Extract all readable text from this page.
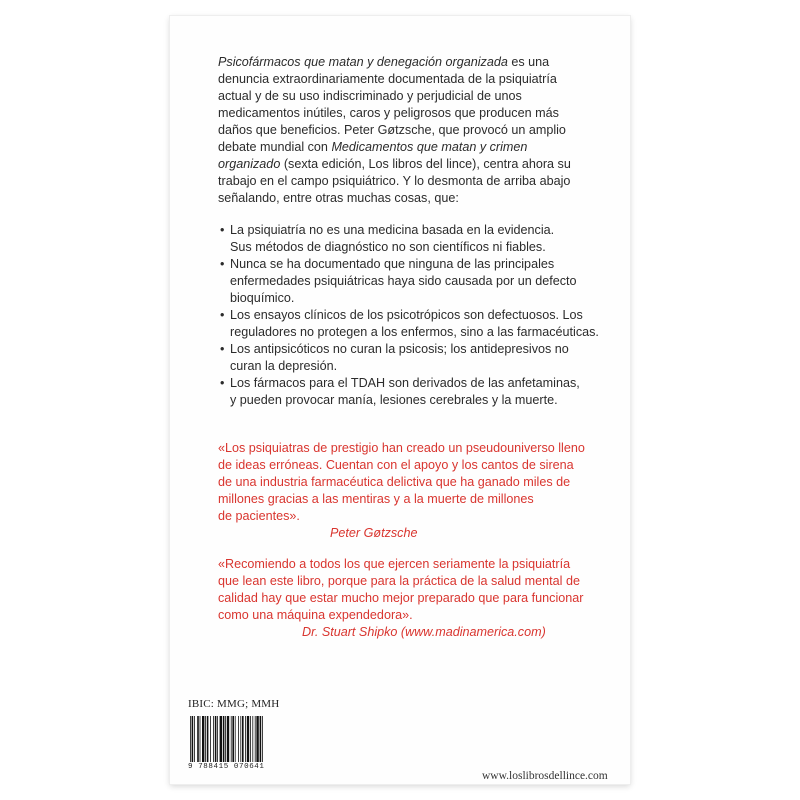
Psicofármacos que matan y denegación organizada es una
denuncia extraordinariamente documentada de la psiquiatría
actual y de su uso indiscriminado y perjudicial de unos
medicamentos inútiles, caros y peligrosos que producen más
daños que beneficios. Peter Gøtzsche, que provocó un amplio
debate mundial con Medicamentos que matan y crimen
organizado (sexta edición, Los libros del lince), centra ahora su
trabajo en el campo psiquiátrico. Y lo desmonta de arriba abajo
señalando, entre otras muchas cosas, que:

• La psiquiatría no es una medicina basada en la evidencia.
Sus métodos de diagnóstico no son científicos ni fiables.
• Nunca se ha documentado que ninguna de las principales
enfermedades psiquiátricas haya sido causada por un defecto
bioquímico.
• Los ensayos clínicos de los psicotrópicos son defectuosos. Los
reguladores no protegen a los enfermos, sino a las farmacéuticas.
• Los antipsicóticos no curan la psicosis; los antidepresivos no
curan la depresión.
• Los fármacos para el TDAH son derivados de las anfetaminas,
y pueden provocar manía, lesiones cerebrales y la muerte.

«Los psiquiatras de prestigio han creado un pseudouniverso lleno
de ideas erróneas. Cuentan con el apoyo y los cantos de sirena
de una industria farmacéutica delictiva que ha ganado miles de
millones gracias a las mentiras y a la muerte de millones
de pacientes».

Peter Gøtzsche

«Recomiendo a todos los que ejercen seriamente la psiquiatría
que lean este libro, porque para la práctica de la salud mental de
calidad hay que estar mucho mejor preparado que para funcionar
como una máquina expendedora».

Dr. Stuart Shipko (www.madinamerica.com)
IBIC: MMG; MMH
9 788415 070641
www.loslibrosdellince.com
